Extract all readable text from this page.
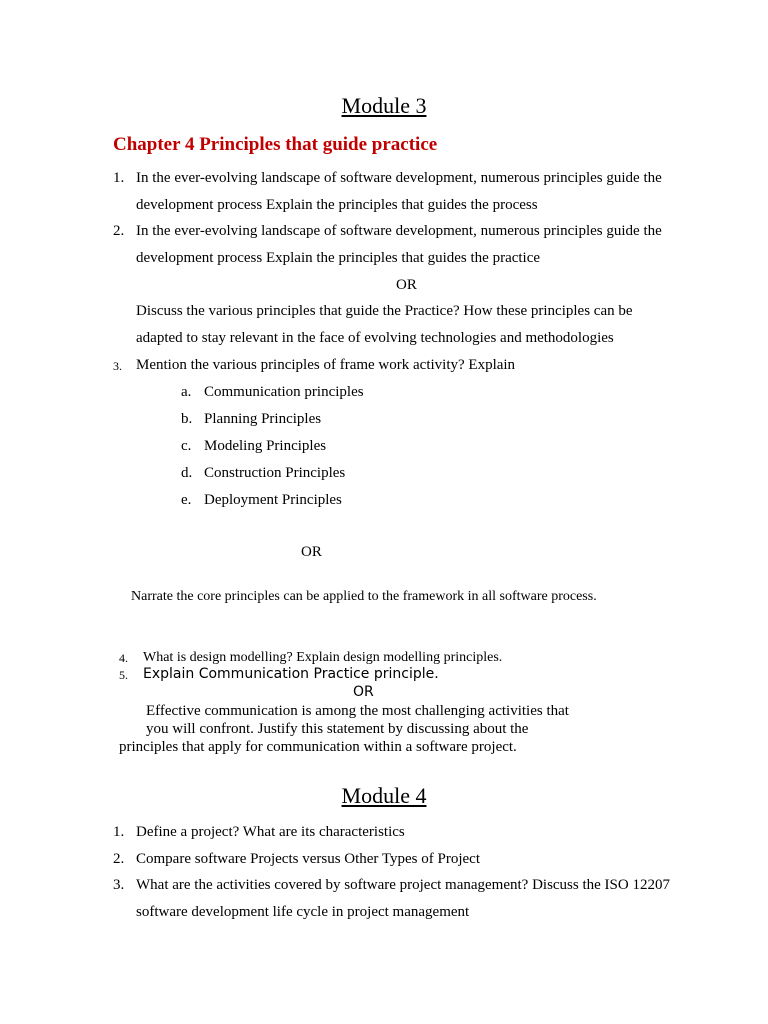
Module 3
Chapter 4 Principles that guide practice
1. In the ever-evolving landscape of software development, numerous principles guide the
development process Explain the principles that guides the process
2. In the ever-evolving landscape of software development, numerous principles guide the
development process Explain the principles that guides the practice
OR
Discuss the various principles that guide the Practice? How these principles can be
adapted to stay relevant in the face of evolving technologies and methodologies
3. Mention the various principles of frame work activity? Explain
a. Communication principles
b. Planning Principles
c. Modeling Principles
d. Construction Principles
e. Deployment Principles
OR
Narrate the core principles can be applied to the framework in all software process.
4. What is design modelling? Explain design modelling principles.
5. Explain Communication Practice principle.
OR
Effective communication is among the most challenging activities that
you will confront. Justify this statement by discussing about the
principles that apply for communication within a software project.
Module 4
1. Define a project? What are its characteristics
2. Compare software Projects versus Other Types of Project
3. What are the activities covered by software project management? Discuss the ISO 12207
software development life cycle in project management
